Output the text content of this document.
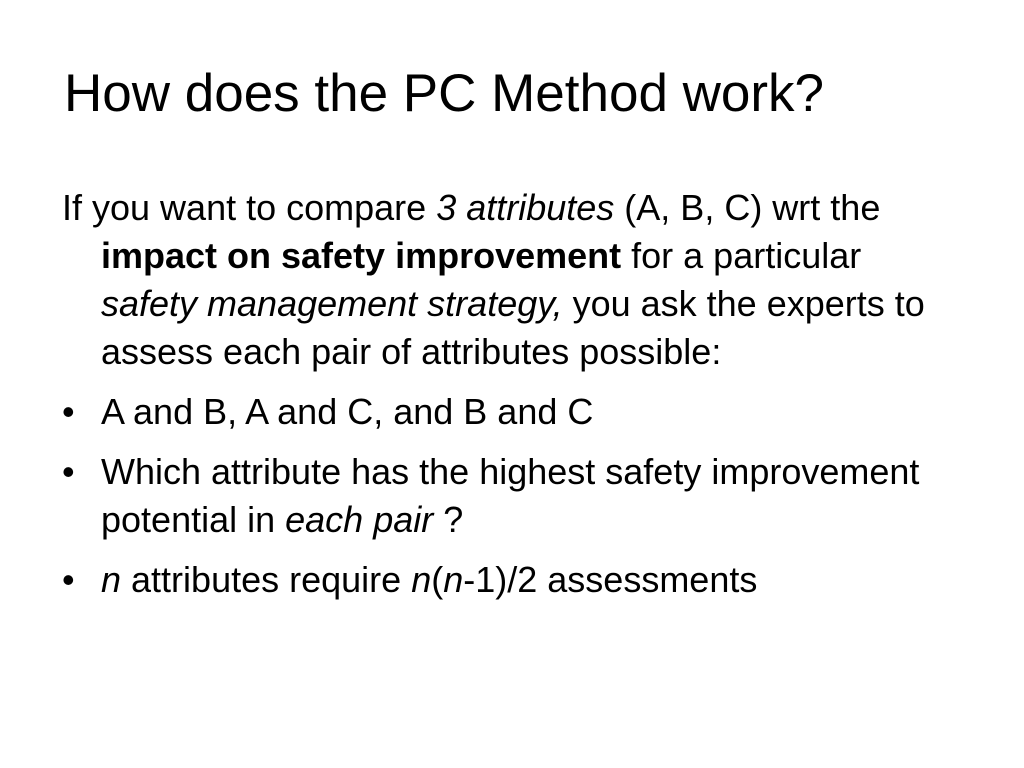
How does the PC Method work?

If you want to compare 3 attributes (A, B, C) wrt the impact on safety improvement for a particular safety management strategy, you ask the experts to assess each pair of attributes possible:

• A and B, A and C, and B and C
• Which attribute has the highest safety improvement potential in each pair ?
• n attributes require n(n-1)/2 assessments
